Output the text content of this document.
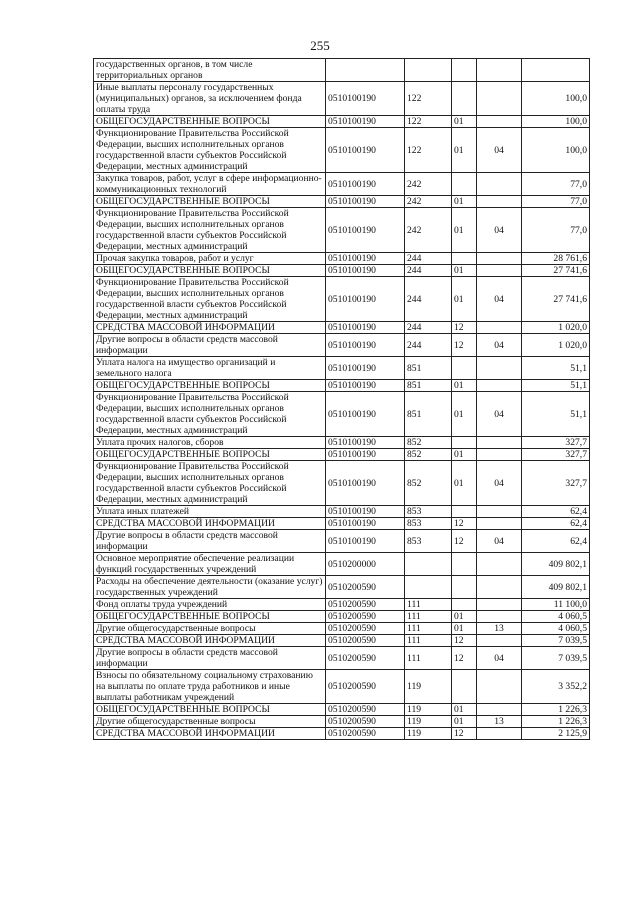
255
государственных органов, в том числе территориальных органов					
Иные выплаты персоналу государственных (муниципальных) органов, за исключением фонда оплаты труда	0510100190	122			100,0
ОБЩЕГОСУДАРСТВЕННЫЕ ВОПРОСЫ	0510100190	122	01		100,0
Функционирование Правительства Российской Федерации, высших исполнительных органов государственной власти субъектов Российской Федерации, местных администраций	0510100190	122	01	04	100,0
Закупка товаров, работ, услуг в сфере информационно-коммуникационных технологий	0510100190	242			77,0
ОБЩЕГОСУДАРСТВЕННЫЕ ВОПРОСЫ	0510100190	242	01		77,0
Функционирование Правительства Российской Федерации, высших исполнительных органов государственной власти субъектов Российской Федерации, местных администраций	0510100190	242	01	04	77,0
Прочая закупка товаров, работ и услуг	0510100190	244			28 761,6
ОБЩЕГОСУДАРСТВЕННЫЕ ВОПРОСЫ	0510100190	244	01		27 741,6
Функционирование Правительства Российской Федерации, высших исполнительных органов государственной власти субъектов Российской Федерации, местных администраций	0510100190	244	01	04	27 741,6
СРЕДСТВА МАССОВОЙ ИНФОРМАЦИИ	0510100190	244	12		1 020,0
Другие вопросы в области средств массовой информации	0510100190	244	12	04	1 020,0
Уплата налога на имущество организаций и земельного налога	0510100190	851			51,1
ОБЩЕГОСУДАРСТВЕННЫЕ ВОПРОСЫ	0510100190	851	01		51,1
Функционирование Правительства Российской Федерации, высших исполнительных органов государственной власти субъектов Российской Федерации, местных администраций	0510100190	851	01	04	51,1
Уплата прочих налогов, сборов	0510100190	852			327,7
ОБЩЕГОСУДАРСТВЕННЫЕ ВОПРОСЫ	0510100190	852	01		327,7
Функционирование Правительства Российской Федерации, высших исполнительных органов государственной власти субъектов Российской Федерации, местных администраций	0510100190	852	01	04	327,7
Уплата иных платежей	0510100190	853			62,4
СРЕДСТВА МАССОВОЙ ИНФОРМАЦИИ	0510100190	853	12		62,4
Другие вопросы в области средств массовой информации	0510100190	853	12	04	62,4
Основное мероприятие обеспечение реализации функций государственных учреждений	0510200000				409 802,1
Расходы на обеспечение деятельности (оказание услуг) государственных учреждений	0510200590				409 802,1
Фонд оплаты труда учреждений	0510200590	111			11 100,0
ОБЩЕГОСУДАРСТВЕННЫЕ ВОПРОСЫ	0510200590	111	01		4 060,5
Другие общегосударственные вопросы	0510200590	111	01	13	4 060,5
СРЕДСТВА МАССОВОЙ ИНФОРМАЦИИ	0510200590	111	12		7 039,5
Другие вопросы в области средств массовой информации	0510200590	111	12	04	7 039,5
Взносы по обязательному социальному страхованию на выплаты по оплате труда работников и иные выплаты работникам учреждений	0510200590	119			3 352,2
ОБЩЕГОСУДАРСТВЕННЫЕ ВОПРОСЫ	0510200590	119	01		1 226,3
Другие общегосударственные вопросы	0510200590	119	01	13	1 226,3
СРЕДСТВА МАССОВОЙ ИНФОРМАЦИИ	0510200590	119	12		2 125,9
